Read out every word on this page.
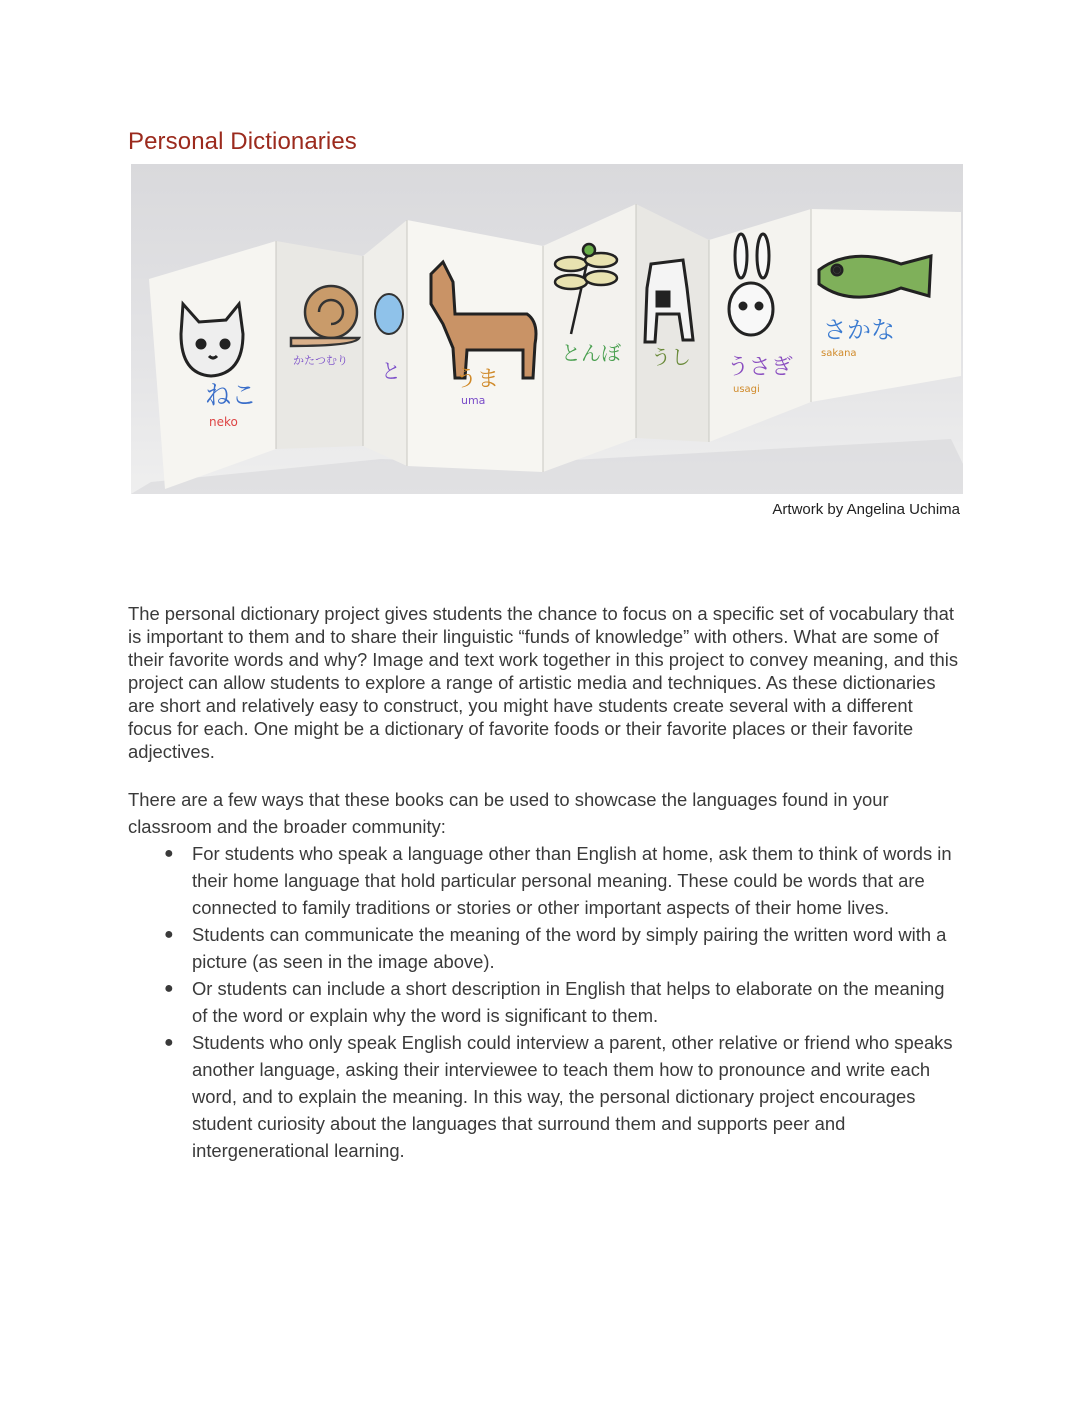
Personal Dictionaries
ねこ
neko
かたつむり と うま
uma
とんぼ うし うさぎ
usagi
さかな
sakana
Artwork by Angelina Uchima

The personal dictionary project gives students the chance to focus on a specific set of vocabulary that is important to them and to share their linguistic “funds of knowledge” with others. What are some of their favorite words and why? Image and text work together in this project to convey meaning, and this project can allow students to explore a range of artistic media and techniques. As these dictionaries are short and relatively easy to construct, you might have students create several with a different focus for each. One might be a dictionary of favorite foods or their favorite places or their favorite adjectives.

There are a few ways that these books can be used to showcase the languages found in your classroom and the broader community:

● For students who speak a language other than English at home, ask them to think of words in their home language that hold particular personal meaning. These could be words that are connected to family traditions or stories or other important aspects of their home lives.
● Students can communicate the meaning of the word by simply pairing the written word with a picture (as seen in the image above).
● Or students can include a short description in English that helps to elaborate on the meaning of the word or explain why the word is significant to them.
● Students who only speak English could interview a parent, other relative or friend who speaks another language, asking their interviewee to teach them how to pronounce and write each word, and to explain the meaning. In this way, the personal dictionary project encourages student curiosity about the languages that surround them and supports peer and intergenerational learning.
